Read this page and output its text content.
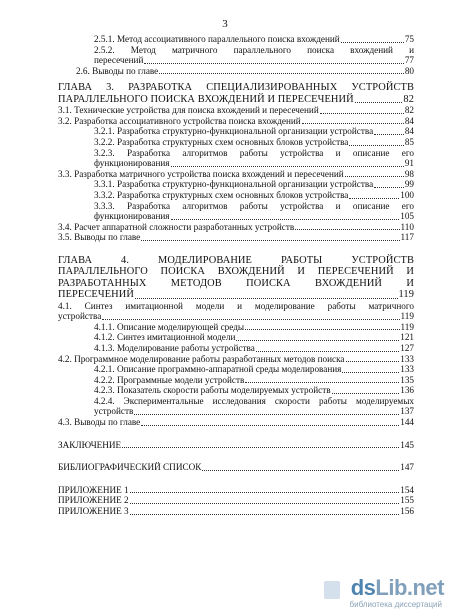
3
2.5.1. Метод ассоциативного параллельного поиска вхождений	75
2.5.2. Метод матричного параллельного поиска вхождений и
пересечений	77
2.6. Выводы по главе	80
ГЛАВА 3. РАЗРАБОТКА СПЕЦИАЛИЗИРОВАННЫХ УСТРОЙСТВ
ПАРАЛЛЕЛЬНОГО ПОИСКА ВХОЖДЕНИЙ И ПЕРЕСЕЧЕНИЙ	82
3.1. Технические устройства для поиска вхождений и пересечений	82
3.2. Разработка ассоциативного устройства поиска вхождений	84
3.2.1. Разработка структурно-функциональной организации устройства	84
3.2.2. Разработка структурных схем основных блоков устройства	85
3.2.3. Разработка алгоритмов работы устройства и описание его
функционирования	91
3.3. Разработка матричного устройства поиска вхождений и пересечений	98
3.3.1. Разработка структурно-функциональной организации устройства	99
3.3.2. Разработка структурных схем основных блоков устройства	100
3.3.3. Разработка алгоритмов работы устройства и описание его
функционирования	105
3.4. Расчет аппаратной сложности разработанных устройств	110
3.5. Выводы по главе	117
ГЛАВА 4. МОДЕЛИРОВАНИЕ РАБОТЫ УСТРОЙСТВ
ПАРАЛЛЕЛЬНОГО ПОИСКА ВХОЖДЕНИЙ И ПЕРЕСЕЧЕНИЙ И
РАЗРАБОТАННЫХ МЕТОДОВ ПОИСКА ВХОЖДЕНИЙ И
ПЕРЕСЕЧЕНИЙ	119
4.1. Синтез имитационной модели и моделирование работы матричного
устройства	119
4.1.1. Описание моделирующей среды	119
4.1.2. Синтез имитационной модели	121
4.1.3. Моделирование работы устройства	127
4.2. Программное моделирование работы разработанных методов поиска	133
4.2.1. Описание программно-аппаратной среды моделирования	133
4.2.2. Программные модели устройств	135
4.2.3. Показатель скорости работы моделируемых устройств	136
4.2.4. Экспериментальные исследования скорости работы моделируемых
устройств	137
4.3. Выводы по главе	144
ЗАКЛЮЧЕНИЕ	145
БИБЛИОГРАФИЧЕСКИЙ СПИСОК	147
ПРИЛОЖЕНИЕ 1	154
ПРИЛОЖЕНИЕ 2	155
ПРИЛОЖЕНИЕ 3	156
dsLib.net
библиотека диссертаций
